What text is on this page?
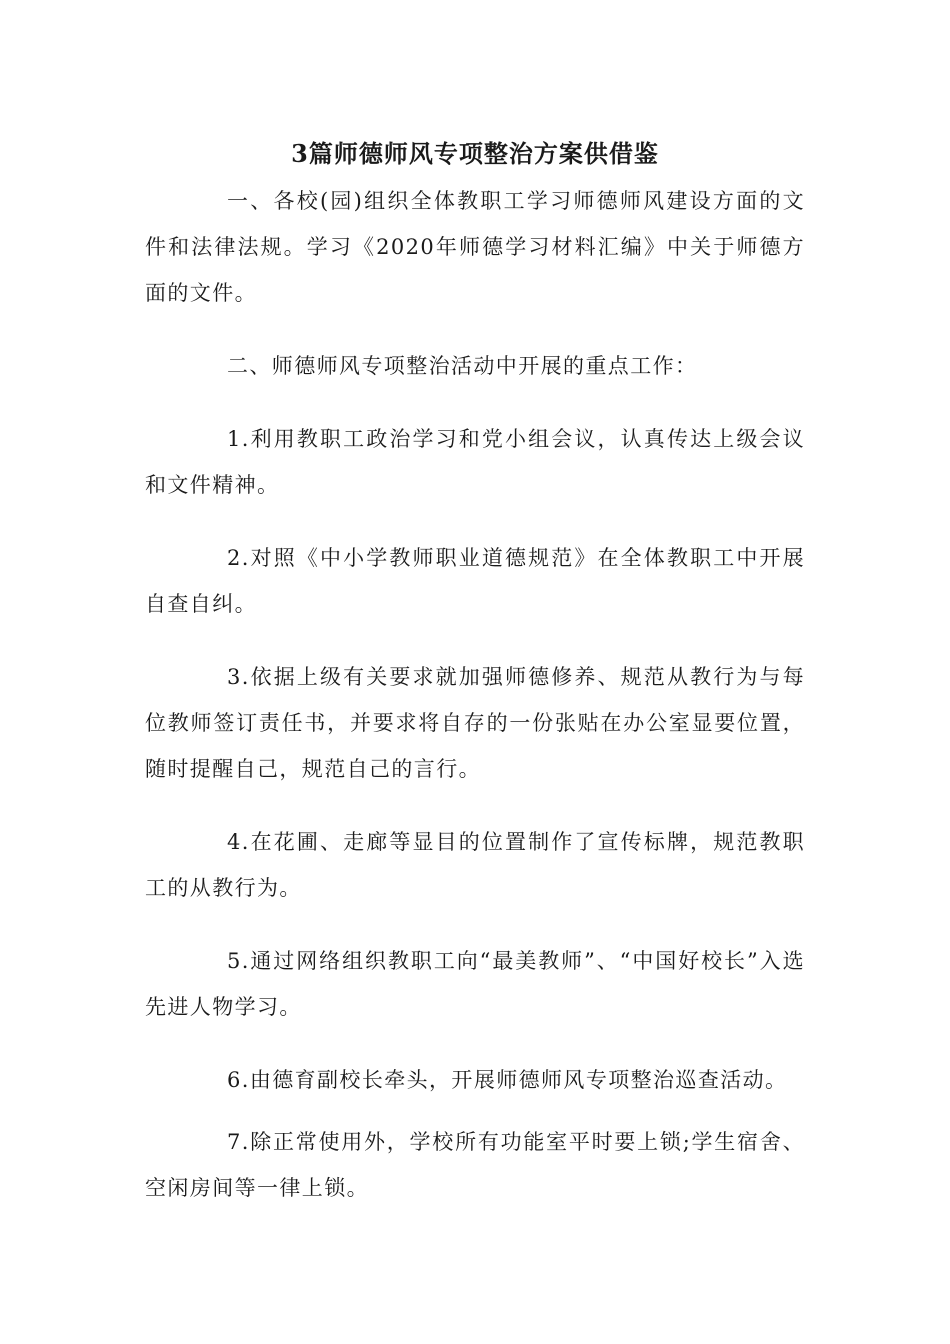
3篇师德师风专项整治方案供借鉴

一、各校(园)组织全体教职工学习师德师风建设方面的文件和法律法规。学习《2020年师德学习材料汇编》中关于师德方面的文件。

二、师德师风专项整治活动中开展的重点工作：

1.利用教职工政治学习和党小组会议，认真传达上级会议和文件精神。

2.对照《中小学教师职业道德规范》在全体教职工中开展自查自纠。

3.依据上级有关要求就加强师德修养、规范从教行为与每位教师签订责任书，并要求将自存的一份张贴在办公室显要位置，随时提醒自己，规范自己的言行。

4.在花圃、走廊等显目的位置制作了宣传标牌，规范教职工的从教行为。

5.通过网络组织教职工向“最美教师”、“中国好校长”入选先进人物学习。

6.由德育副校长牵头，开展师德师风专项整治巡查活动。

7.除正常使用外，学校所有功能室平时要上锁;学生宿舍、空闲房间等一律上锁。
